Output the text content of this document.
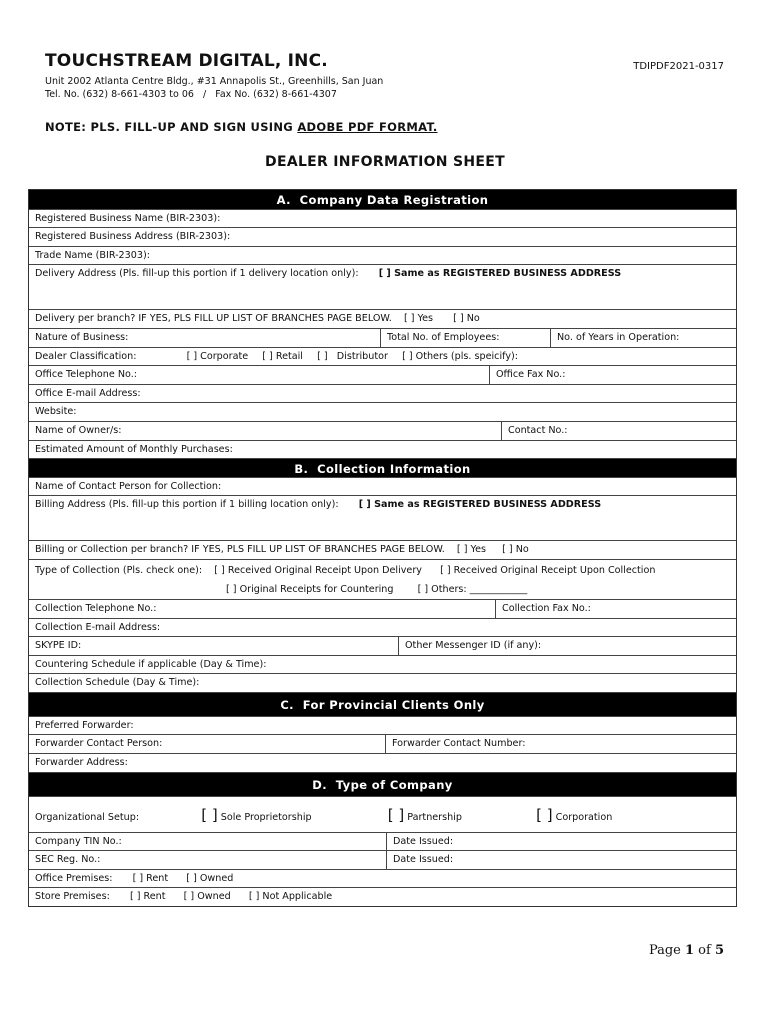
TOUCHSTREAM DIGITAL, INC.	TDIPDF2021-0317
Unit 2002 Atlanta Centre Bldg., #31 Annapolis St., Greenhills, San Juan
Tel. No. (632) 8-661-4303 to 06   /   Fax No. (632) 8-661-4307
NOTE: PLS. FILL-UP AND SIGN USING ADOBE PDF FORMAT.
DEALER INFORMATION SHEET
A.  Company Data Registration
Registered Business Name (BIR-2303):
Registered Business Address (BIR-2303):
Trade Name (BIR-2303):
Delivery Address (Pls. fill-up this portion if 1 delivery location only): [ ] Same as REGISTERED BUSINESS ADDRESS
Delivery per branch? IF YES, PLS FILL UP LIST OF BRANCHES PAGE BELOW. [ ] Yes [ ] No
Nature of Business:	Total No. of Employees:	No. of Years in Operation:
Dealer Classification:	[ ] Corporate [ ] Retail [ ]   Distributor [ ] Others (pls. speicify):
Office Telephone No.:	Office Fax No.:
Office E-mail Address:
Website:
Name of Owner/s:	Contact No.:
Estimated Amount of Monthly Purchases:
B.  Collection Information
Name of Contact Person for Collection:
Billing Address (Pls. fill-up this portion if 1 billing location only): [ ] Same as REGISTERED BUSINESS ADDRESS
Billing or Collection per branch? IF YES, PLS FILL UP LIST OF BRANCHES PAGE BELOW. [ ] Yes [ ] No
Type of Collection (Pls. check one): [ ] Received Original Receipt Upon Delivery [ ] Received Original Receipt Upon Collection
[ ] Original Receipts for Countering	[ ] Others: ____________
Collection Telephone No.:	Collection Fax No.:
Collection E-mail Address:
SKYPE ID:	Other Messenger ID (if any):
Countering Schedule if applicable (Day & Time):
Collection Schedule (Day & Time):
C.  For Provincial Clients Only
Preferred Forwarder:
Forwarder Contact Person:	Forwarder Contact Number:
Forwarder Address:
D.  Type of Company
Organizational Setup:	[ ] Sole Proprietorship	[ ] Partnership	[ ] Corporation
Company TIN No.:	Date Issued:
SEC Reg. No.:	Date Issued:
Office Premises: [ ] Rent [ ] Owned
Store Premises: [ ] Rent [ ] Owned [ ] Not Applicable
Page 1 of 5
